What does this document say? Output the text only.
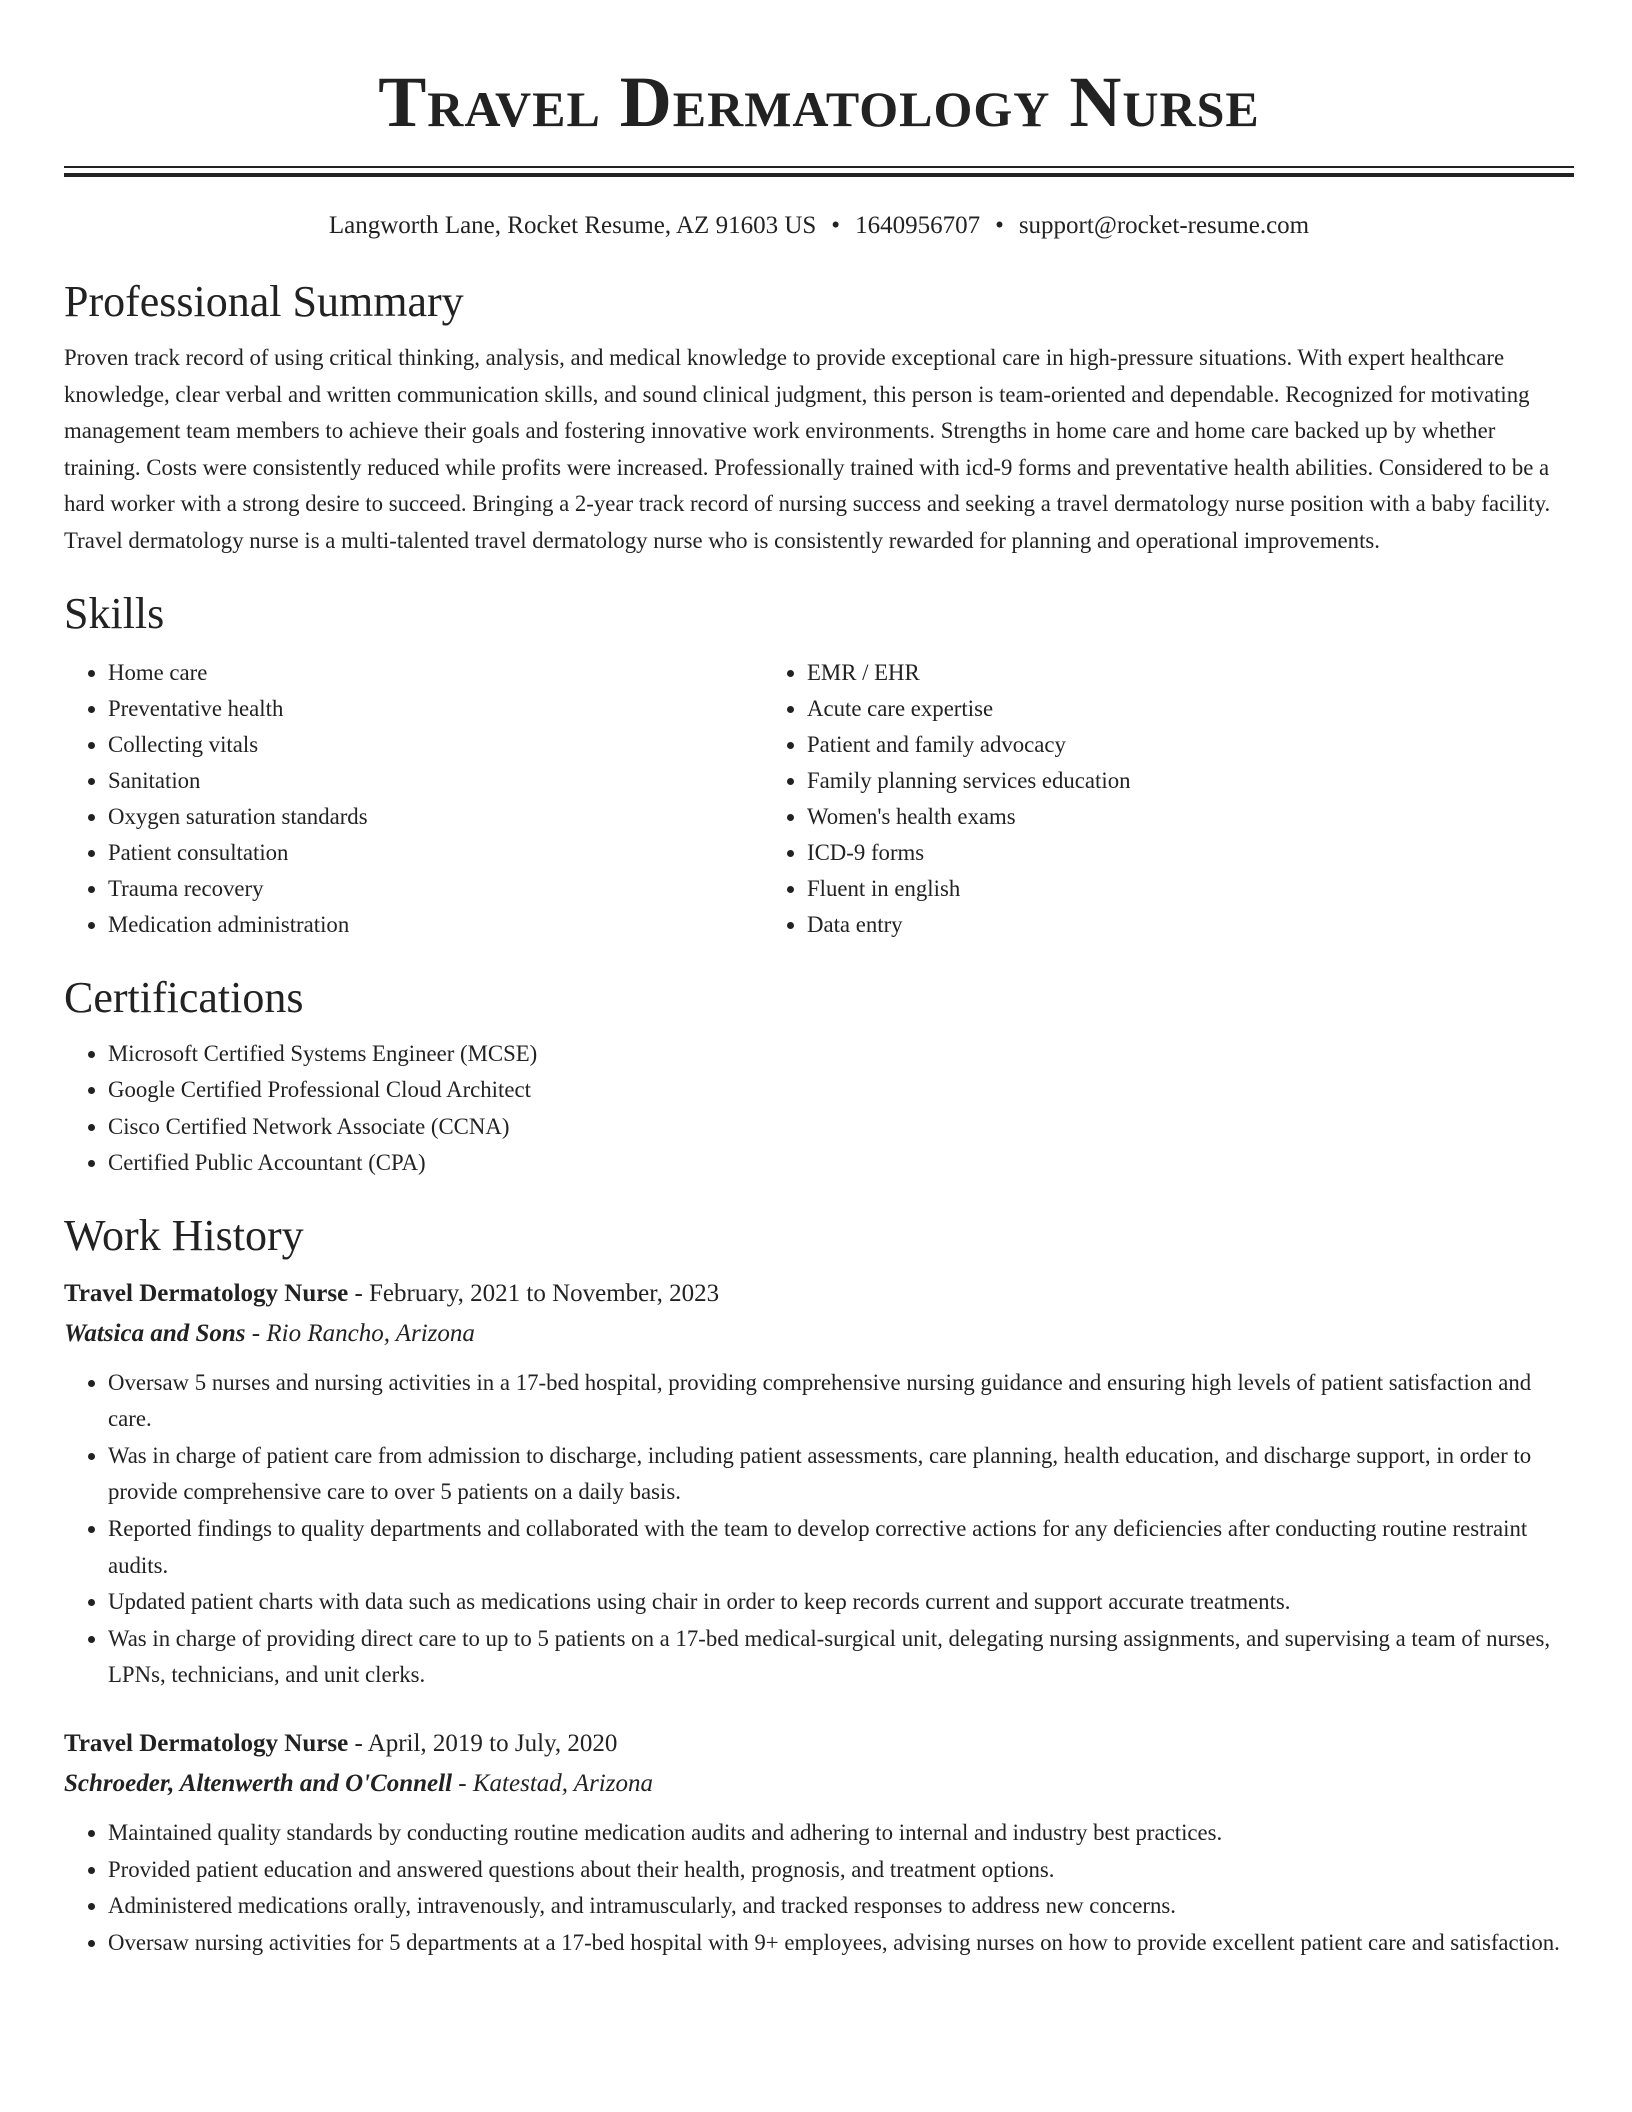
Travel Dermatology Nurse
Langworth Lane, Rocket Resume, AZ 91603 US • 1640956707 • support@rocket-resume.com
Professional Summary
Proven track record of using critical thinking, analysis, and medical knowledge to provide exceptional care in high-pressure situations. With expert healthcare knowledge, clear verbal and written communication skills, and sound clinical judgment, this person is team-oriented and dependable. Recognized for motivating management team members to achieve their goals and fostering innovative work environments. Strengths in home care and home care backed up by whether training. Costs were consistently reduced while profits were increased. Professionally trained with icd-9 forms and preventative health abilities. Considered to be a hard worker with a strong desire to succeed. Bringing a 2-year track record of nursing success and seeking a travel dermatology nurse position with a baby facility. Travel dermatology nurse is a multi-talented travel dermatology nurse who is consistently rewarded for planning and operational improvements.
Skills
• Home care
• Preventative health
• Collecting vitals
• Sanitation
• Oxygen saturation standards
• Patient consultation
• Trauma recovery
• Medication administration
• EMR / EHR
• Acute care expertise
• Patient and family advocacy
• Family planning services education
• Women's health exams
• ICD-9 forms
• Fluent in english
• Data entry
Certifications
• Microsoft Certified Systems Engineer (MCSE)
• Google Certified Professional Cloud Architect
• Cisco Certified Network Associate (CCNA)
• Certified Public Accountant (CPA)
Work History
Travel Dermatology Nurse - February, 2021 to November, 2023
Watsica and Sons - Rio Rancho, Arizona
• Oversaw 5 nurses and nursing activities in a 17-bed hospital, providing comprehensive nursing guidance and ensuring high levels of patient satisfaction and care.
• Was in charge of patient care from admission to discharge, including patient assessments, care planning, health education, and discharge support, in order to provide comprehensive care to over 5 patients on a daily basis.
• Reported findings to quality departments and collaborated with the team to develop corrective actions for any deficiencies after conducting routine restraint audits.
• Updated patient charts with data such as medications using chair in order to keep records current and support accurate treatments.
• Was in charge of providing direct care to up to 5 patients on a 17-bed medical-surgical unit, delegating nursing assignments, and supervising a team of nurses, LPNs, technicians, and unit clerks.
Travel Dermatology Nurse - April, 2019 to July, 2020
Schroeder, Altenwerth and O'Connell - Katestad, Arizona
• Maintained quality standards by conducting routine medication audits and adhering to internal and industry best practices.
• Provided patient education and answered questions about their health, prognosis, and treatment options.
• Administered medications orally, intravenously, and intramuscularly, and tracked responses to address new concerns.
• Oversaw nursing activities for 5 departments at a 17-bed hospital with 9+ employees, advising nurses on how to provide excellent patient care and satisfaction.
